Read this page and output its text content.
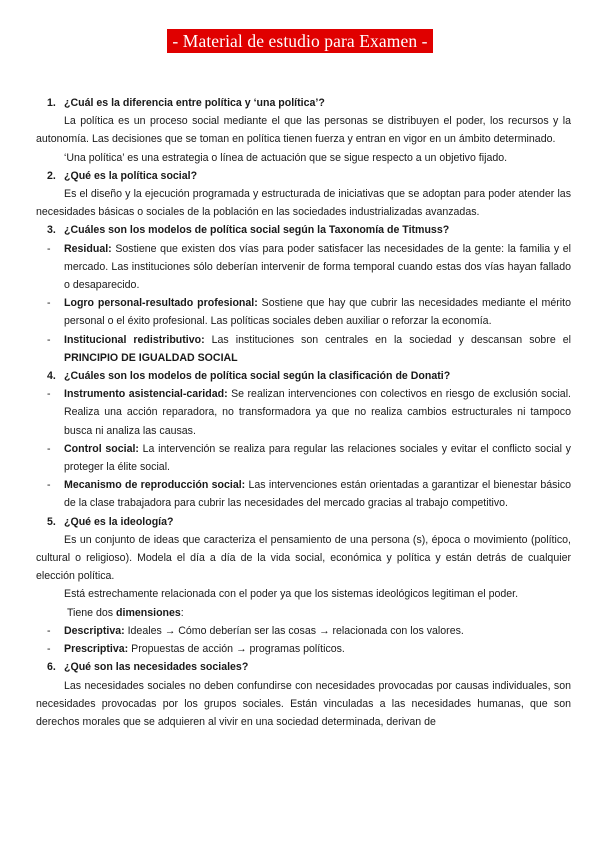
- Material de estudio para Examen -
1. ¿Cuál es la diferencia entre política y ‘una política’?

La política es un proceso social mediante el que las personas se distribuyen el poder, los recursos y la autonomía. Las decisiones que se toman en política tienen fuerza y entran en vigor en un ámbito determinado.

‘Una política’ es una estrategia o línea de actuación que se sigue respecto a un objetivo fijado.

2. ¿Qué es la política social?

Es el diseño y la ejecución programada y estructurada de iniciativas que se adoptan para poder atender las necesidades básicas o sociales de la población en las sociedades industrializadas avanzadas.

3. ¿Cuáles son los modelos de política social según la Taxonomía de Titmuss?
-	Residual: Sostiene que existen dos vías para poder satisfacer las necesidades de la gente: la familia y el mercado. Las instituciones sólo deberían intervenir de forma temporal cuando estas dos vías hayan fallado o desaparecido.
-	Logro personal-resultado profesional: Sostiene que hay que cubrir las necesidades mediante el mérito personal o el éxito profesional. Las políticas sociales deben auxiliar o reforzar la economía.
-	Institucional redistributivo: Las instituciones son centrales en la sociedad y descansan sobre el PRINCIPIO DE IGUALDAD SOCIAL
4. ¿Cuáles son los modelos de política social según la clasificación de Donati?
-	Instrumento asistencial-caridad: Se realizan intervenciones con colectivos en riesgo de exclusión social. Realiza una acción reparadora, no transformadora ya que no realiza cambios estructurales ni tampoco busca ni analiza las causas.
-	Control social: La intervención se realiza para regular las relaciones sociales y evitar el conflicto social y proteger la élite social.
-	Mecanismo de reproducción social: Las intervenciones están orientadas a garantizar el bienestar básico de la clase trabajadora para cubrir las necesidades del mercado gracias al trabajo competitivo.
5. ¿Qué es la ideología?

Es un conjunto de ideas que caracteriza el pensamiento de una persona (s), época o movimiento (político, cultural o religioso). Modela el día a día de la vida social, económica y política y están detrás de cualquier elección política.

Está estrechamente relacionada con el poder ya que los sistemas ideológicos legitiman el poder.

Tiene dos dimensiones:

-	Descriptiva: Ideales → Cómo deberían ser las cosas → relacionada con los valores.
-	Prescriptiva: Propuestas de acción → programas políticos.
6. ¿Qué son las necesidades sociales?

Las necesidades sociales no deben confundirse con necesidades provocadas por causas individuales, son necesidades provocadas por los grupos sociales. Están vinculadas a las necesidades humanas, que son derechos morales que se adquieren al vivir en una sociedad determinada, derivan de
